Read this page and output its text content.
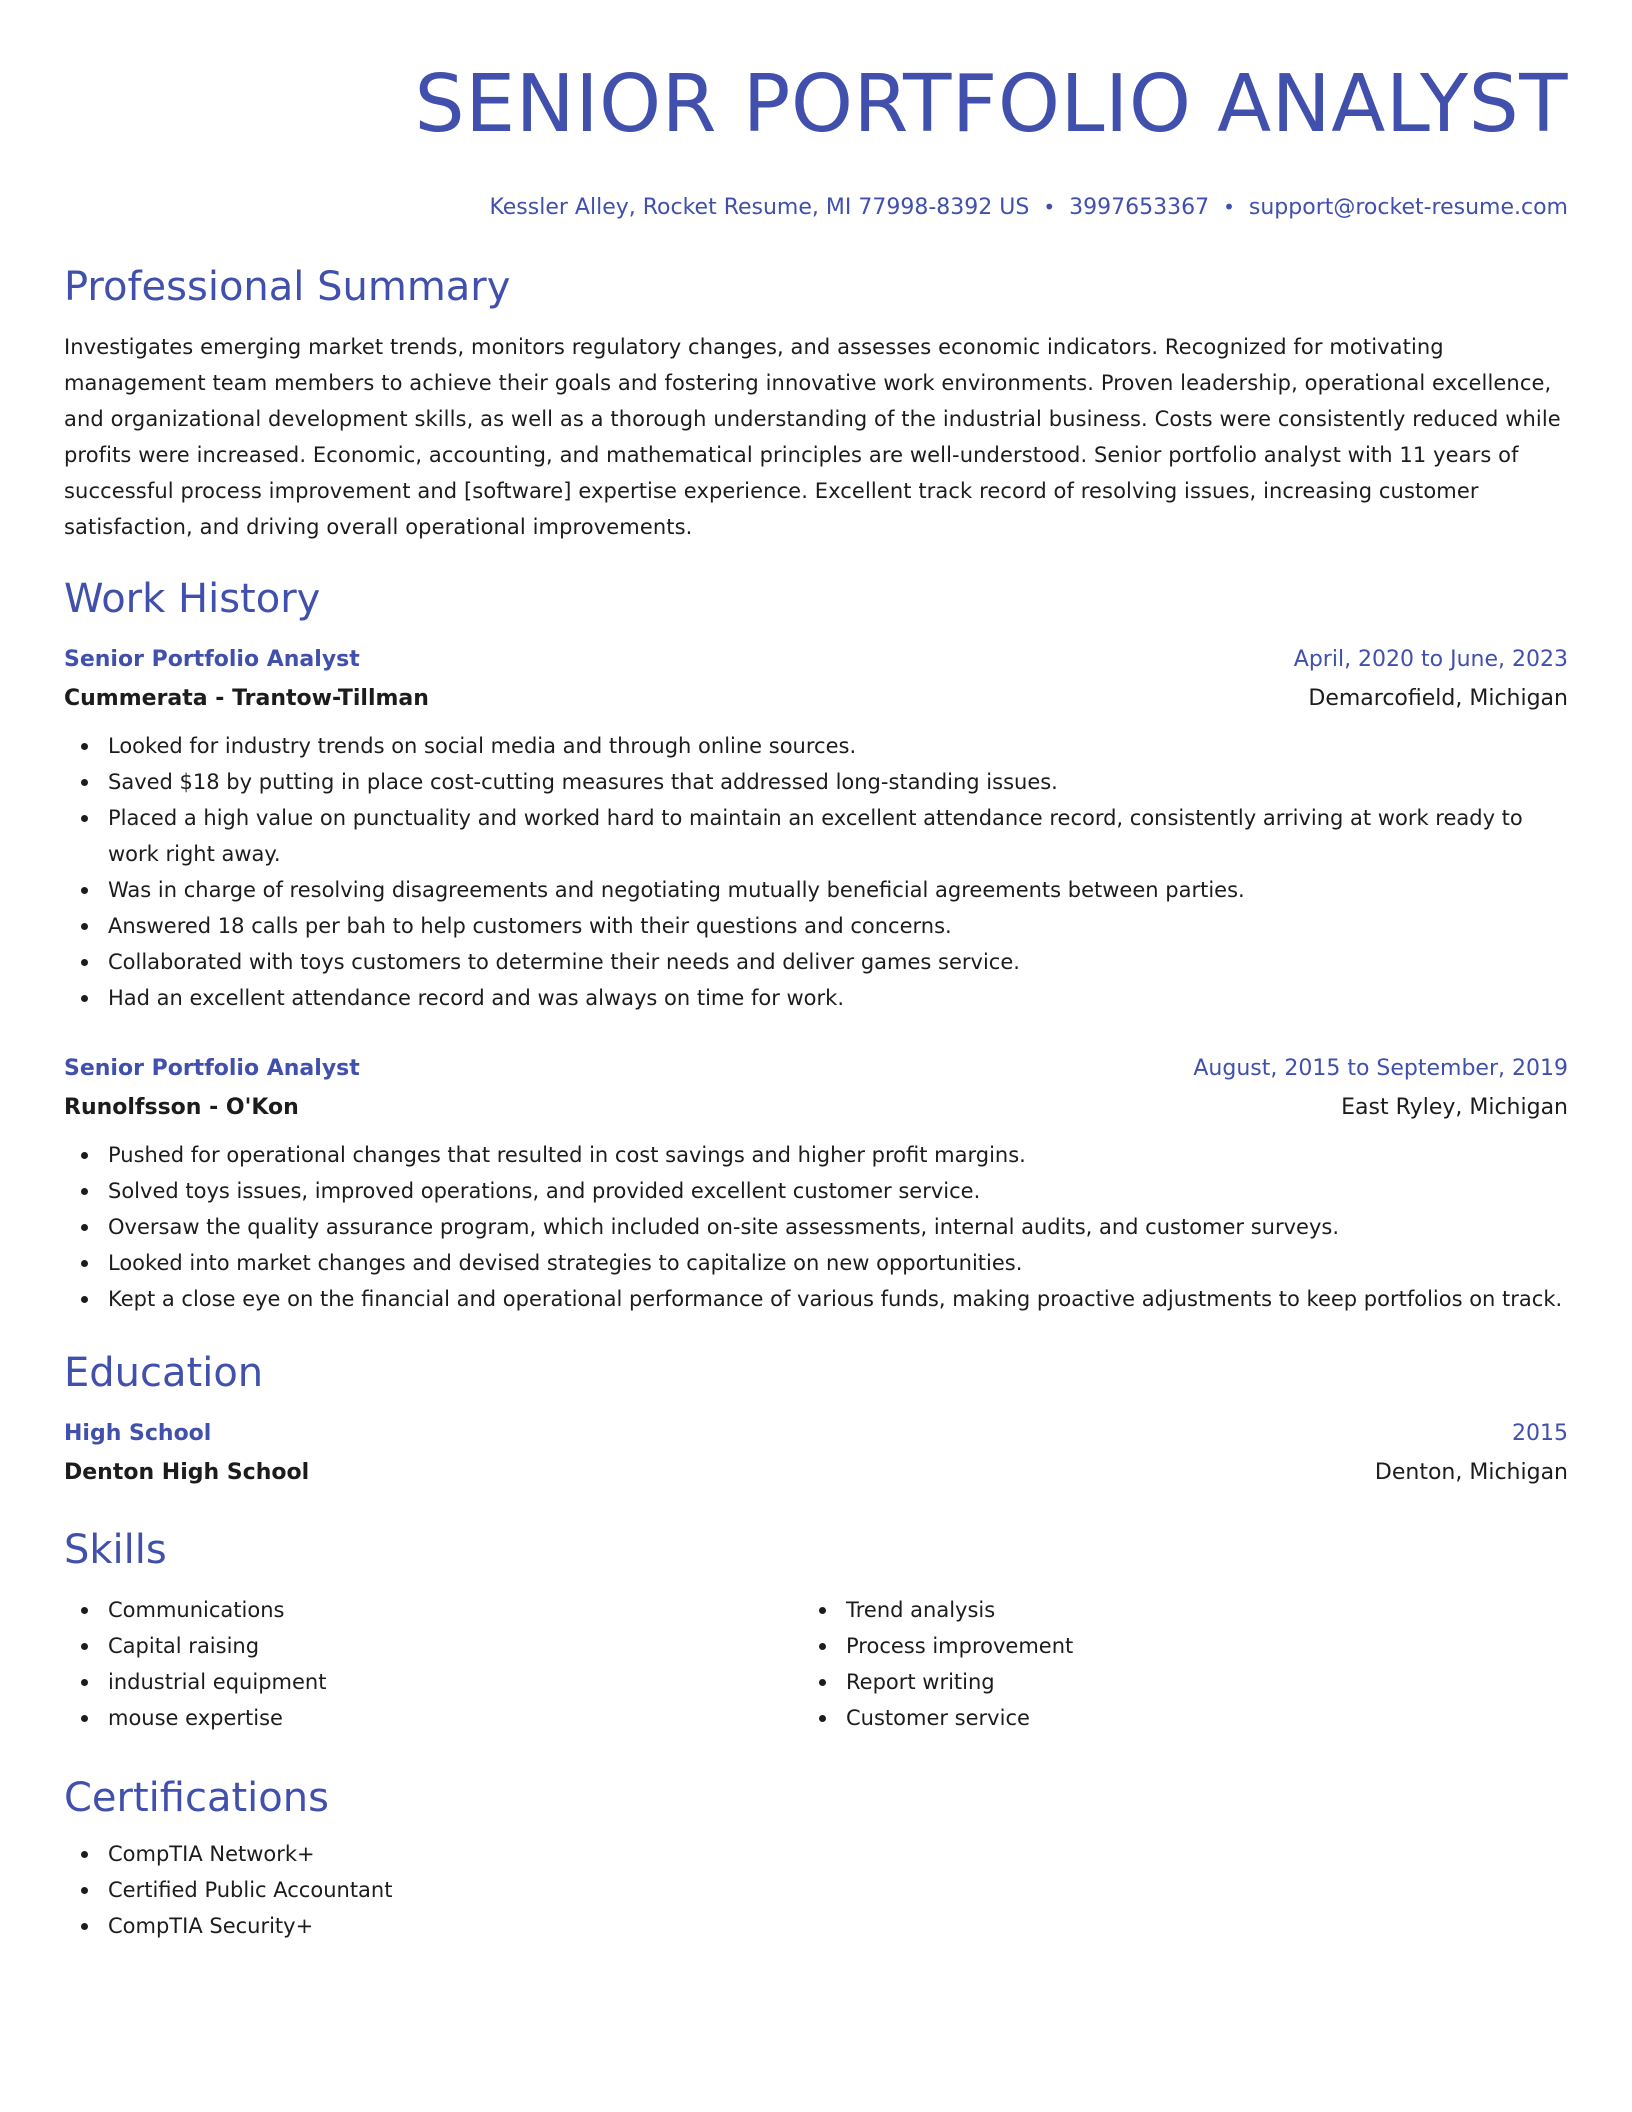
SENIOR PORTFOLIO ANALYST
Kessler Alley, Rocket Resume, MI 77998-8392 US • 3997653367 • support@rocket-resume.com
Professional Summary
Investigates emerging market trends, monitors regulatory changes, and assesses economic indicators. Recognized for motivating management team members to achieve their goals and fostering innovative work environments. Proven leadership, operational excellence, and organizational development skills, as well as a thorough understanding of the industrial business. Costs were consistently reduced while profits were increased. Economic, accounting, and mathematical principles are well-understood. Senior portfolio analyst with 11 years of successful process improvement and [software] expertise experience. Excellent track record of resolving issues, increasing customer satisfaction, and driving overall operational improvements.
Work History
Senior Portfolio Analyst	April, 2020 to June, 2023
Cummerata - Trantow-Tillman	Demarcofield, Michigan
Looked for industry trends on social media and through online sources.
Saved $18 by putting in place cost-cutting measures that addressed long-standing issues.
Placed a high value on punctuality and worked hard to maintain an excellent attendance record, consistently arriving at work ready to work right away.
Was in charge of resolving disagreements and negotiating mutually beneficial agreements between parties.
Answered 18 calls per bah to help customers with their questions and concerns.
Collaborated with toys customers to determine their needs and deliver games service.
Had an excellent attendance record and was always on time for work.
Senior Portfolio Analyst	August, 2015 to September, 2019
Runolfsson - O'Kon	East Ryley, Michigan
Pushed for operational changes that resulted in cost savings and higher profit margins.
Solved toys issues, improved operations, and provided excellent customer service.
Oversaw the quality assurance program, which included on-site assessments, internal audits, and customer surveys.
Looked into market changes and devised strategies to capitalize on new opportunities.
Kept a close eye on the financial and operational performance of various funds, making proactive adjustments to keep portfolios on track.
Education
High School	2015
Denton High School	Denton, Michigan
Skills
Communications
Capital raising
industrial equipment
mouse expertise
Trend analysis
Process improvement
Report writing
Customer service
Certifications
CompTIA Network+
Certified Public Accountant
CompTIA Security+
